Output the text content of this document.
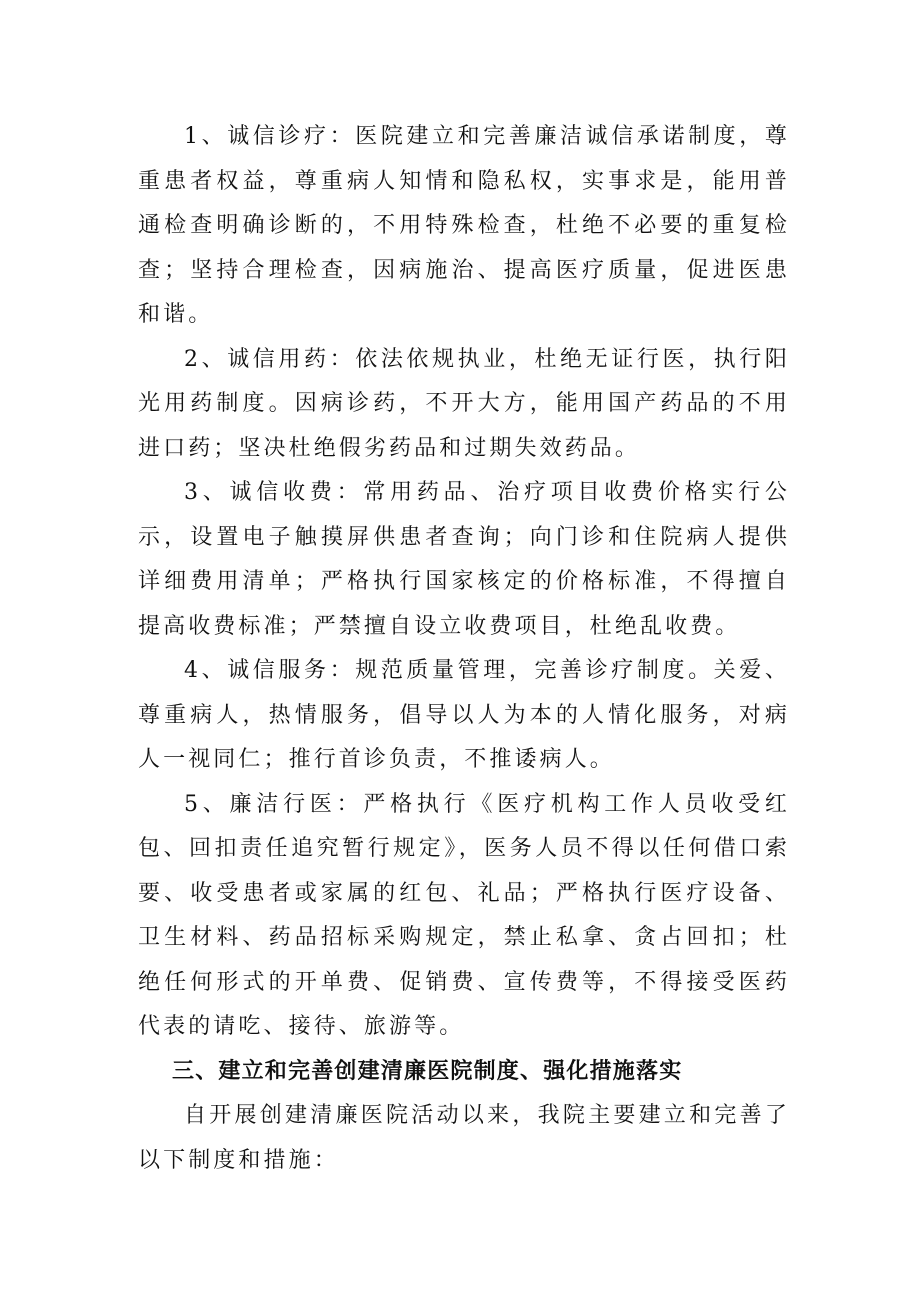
1、诚信诊疗：医院建立和完善廉洁诚信承诺制度，尊重患者权益，尊重病人知情和隐私权，实事求是，能用普通检查明确诊断的，不用特殊检查，杜绝不必要的重复检查；坚持合理检查，因病施治、提高医疗质量，促进医患和谐。

2、诚信用药：依法依规执业，杜绝无证行医，执行阳光用药制度。因病诊药，不开大方，能用国产药品的不用进口药；坚决杜绝假劣药品和过期失效药品。

3、诚信收费：常用药品、治疗项目收费价格实行公示，设置电子触摸屏供患者查询；向门诊和住院病人提供详细费用清单；严格执行国家核定的价格标准，不得擅自提高收费标准；严禁擅自设立收费项目，杜绝乱收费。

4、诚信服务：规范质量管理，完善诊疗制度。关爱、尊重病人，热情服务，倡导以人为本的人情化服务，对病人一视同仁；推行首诊负责，不推诿病人。

5、廉洁行医：严格执行《医疗机构工作人员收受红包、回扣责任追究暂行规定》，医务人员不得以任何借口索要、收受患者或家属的红包、礼品；严格执行医疗设备、卫生材料、药品招标采购规定，禁止私拿、贪占回扣；杜绝任何形式的开单费、促销费、宣传费等，不得接受医药代表的请吃、接待、旅游等。

三、建立和完善创建清廉医院制度、强化措施落实

自开展创建清廉医院活动以来，我院主要建立和完善了以下制度和措施：
